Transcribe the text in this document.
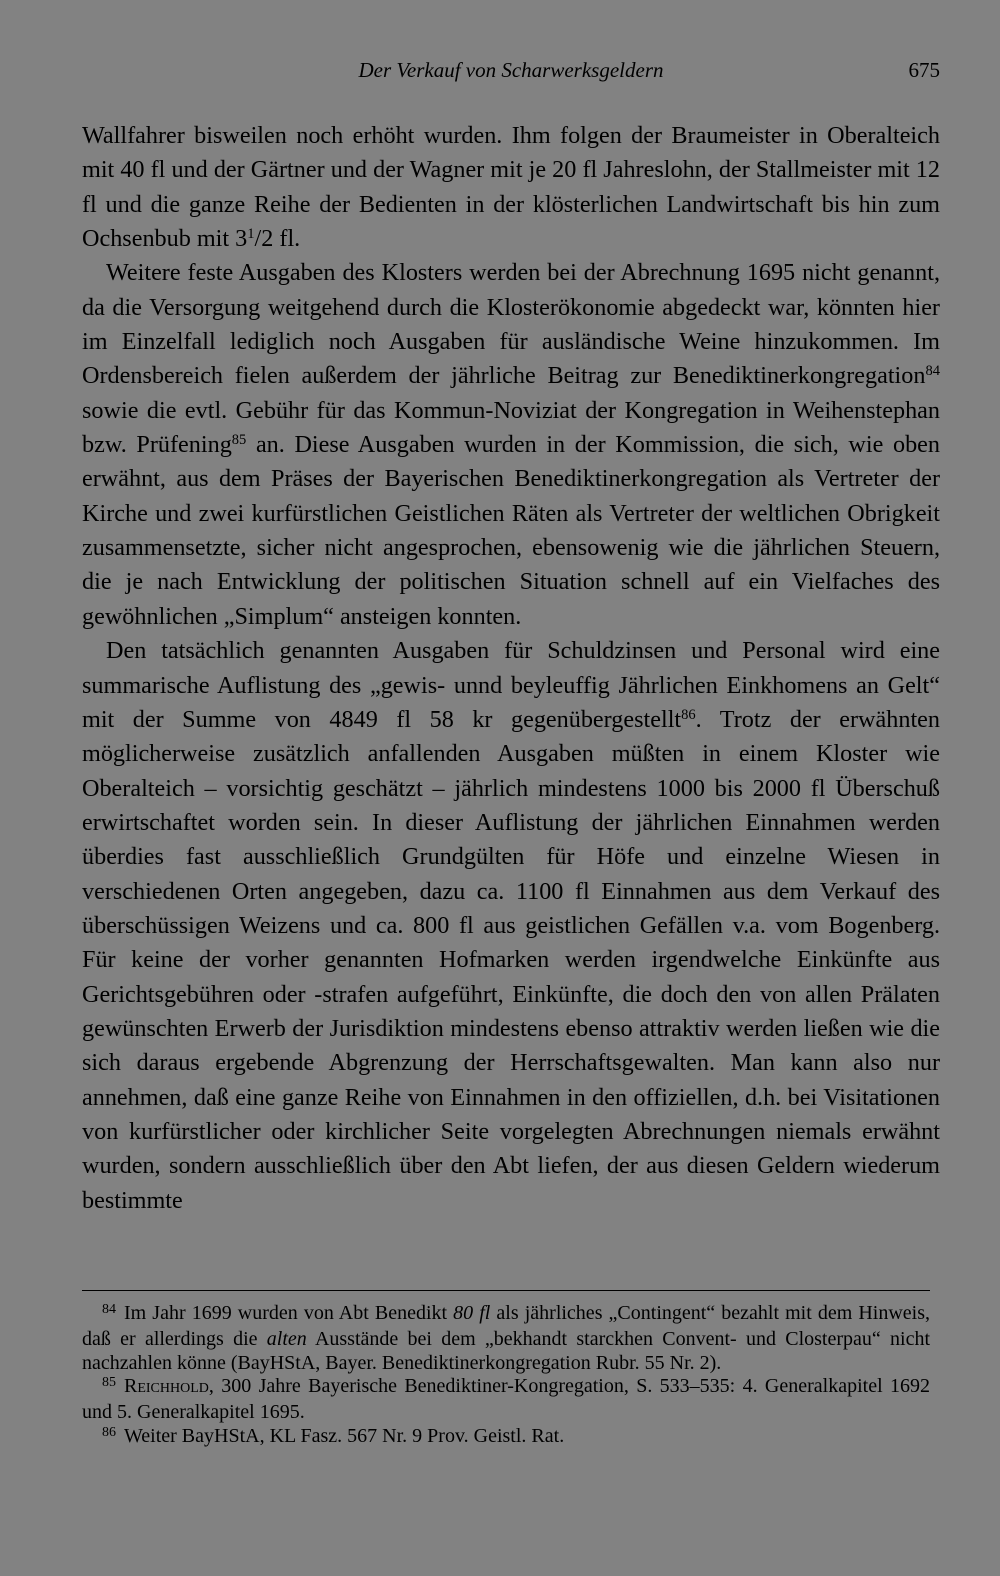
Der Verkauf von Scharwerksgeldern	675

Wallfahrer bisweilen noch erhöht wurden. Ihm folgen der Braumeister in Oberalteich mit 40 fl und der Gärtner und der Wagner mit je 20 fl Jahreslohn, der Stallmeister mit 12 fl und die ganze Reihe der Bedienten in der klösterlichen Landwirtschaft bis hin zum Ochsenbub mit $3^1/2$ fl.

Weitere feste Ausgaben des Klosters werden bei der Abrechnung 1695 nicht genannt, da die Versorgung weitgehend durch die Klosterökonomie abgedeckt war, könnten hier im Einzelfall lediglich noch Ausgaben für ausländische Weine hinzukommen. Im Ordensbereich fielen außerdem der jährliche Beitrag zur Benediktinerkongregation$^{84}$ sowie die evtl. Gebühr für das Kommun-Noviziat der Kongregation in Weihenstephan bzw. Prüfening$^{85}$ an. Diese Ausgaben wurden in der Kommission, die sich, wie oben erwähnt, aus dem Präses der Bayerischen Benediktinerkongregation als Vertreter der Kirche und zwei kurfürstlichen Geistlichen Räten als Vertreter der weltlichen Obrigkeit zusammensetzte, sicher nicht angesprochen, ebensowenig wie die jährlichen Steuern, die je nach Entwicklung der politischen Situation schnell auf ein Vielfaches des gewöhnlichen „Simplum“ ansteigen konnten.

Den tatsächlich genannten Ausgaben für Schuldzinsen und Personal wird eine summarische Auflistung des „gewis- unnd beyleuffig Jährlichen Einkhomens an Gelt“ mit der Summe von 4849 fl 58 kr gegenübergestellt$^{86}$. Trotz der erwähnten möglicherweise zusätzlich anfallenden Ausgaben müßten in einem Kloster wie Oberalteich – vorsichtig geschätzt – jährlich mindestens 1000 bis 2000 fl Überschuß erwirtschaftet worden sein. In dieser Auflistung der jährlichen Einnahmen werden überdies fast ausschließlich Grundgülten für Höfe und einzelne Wiesen in verschiedenen Orten angegeben, dazu ca. 1100 fl Einnahmen aus dem Verkauf des überschüssigen Weizens und ca. 800 fl aus geistlichen Gefällen v.a. vom Bogenberg. Für keine der vorher genannten Hofmarken werden irgendwelche Einkünfte aus Gerichtsgebühren oder -strafen aufgeführt, Einkünfte, die doch den von allen Prälaten gewünschten Erwerb der Jurisdiktion mindestens ebenso attraktiv werden ließen wie die sich daraus ergebende Abgrenzung der Herrschaftsgewalten. Man kann also nur annehmen, daß eine ganze Reihe von Einnahmen in den offiziellen, d.h. bei Visitationen von kurfürstlicher oder kirchlicher Seite vorgelegten Abrechnungen niemals erwähnt wurden, sondern ausschließlich über den Abt liefen, der aus diesen Geldern wiederum bestimmte

$^{84}$ Im Jahr 1699 wurden von Abt Benedikt 80 fl als jährliches „Contingent“ bezahlt mit dem Hinweis, daß er allerdings die alten Ausstände bei dem „bekhandt starckhen Convent- und Closterpau“ nicht nachzahlen könne (BayHStA, Bayer. Benediktinerkongregation Rubr. 55 Nr. 2).

$^{85}$ Reichhold, 300 Jahre Bayerische Benediktiner-Kongregation, S. 533–535: 4. Generalkapitel 1692 und 5. Generalkapitel 1695.

$^{86}$ Weiter BayHStA, KL Fasz. 567 Nr. 9 Prov. Geistl. Rat.
